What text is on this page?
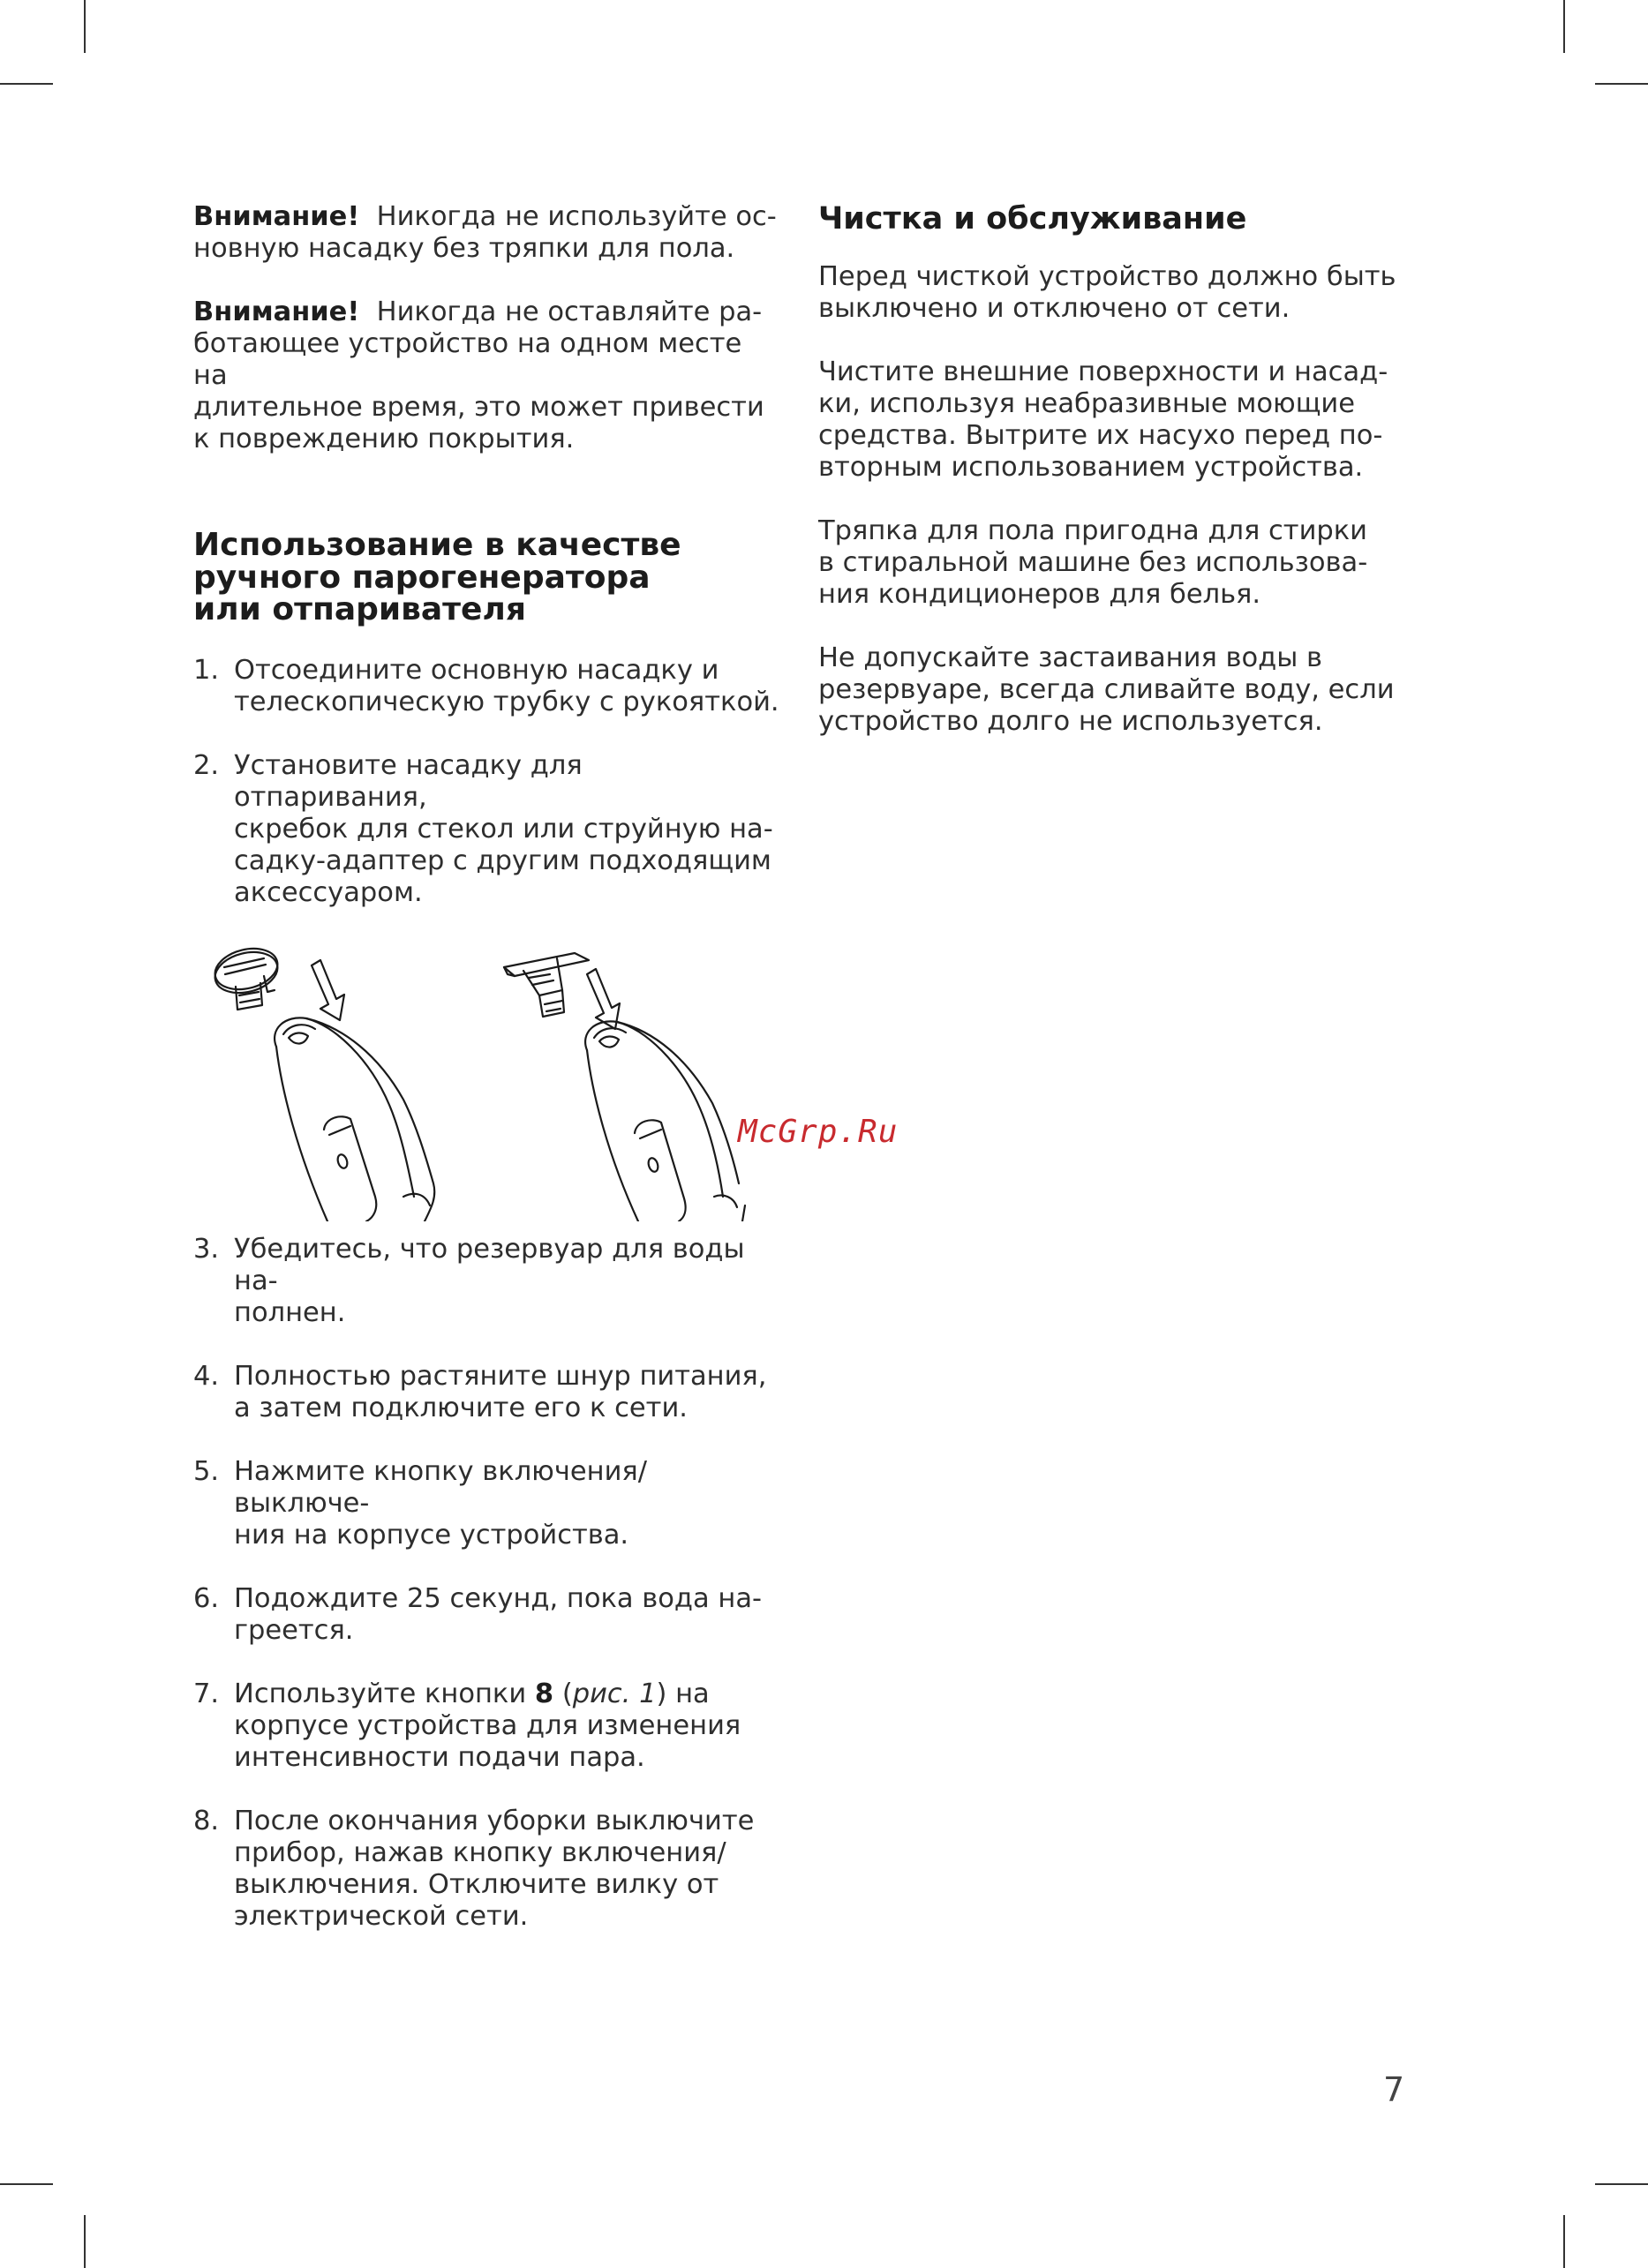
Внимание! Никогда не используйте ос-
новную насадку без тряпки для пола.

Внимание! Никогда не оставляйте ра-
ботающее устройство на одном месте на
длительное время, это может привести
к повреждению покрытия.

Использование в качестве
ручного парогенератора
или отпаривателя
1. Отсоедините основную насадку и
телескопическую трубку с рукояткой.
2. Установите насадку для отпаривания,
скребок для стекол или струйную на-
садку-адаптер с другим подходящим
аксессуаром.
3. Убедитесь, что резервуар для воды на-
полнен.
4. Полностью растяните шнур питания,
а затем подключите его к сети.
5. Нажмите кнопку включения/выключе-
ния на корпусе устройства.
6. Подождите 25 секунд, пока вода на-
греется.
7. Используйте кнопки 8 (рис. 1) на
корпусе устройства для изменения
интенсивности подачи пара.
8. После окончания уборки выключите
прибор, нажав кнопку включения/
выключения. Отключите вилку от
электрической сети.
Чистка и обслуживание

Перед чисткой устройство должно быть
выключено и отключено от сети.

Чистите внешние поверхности и насад-
ки, используя неабразивные моющие
средства. Вытрите их насухо перед по-
вторным использованием устройства.

Тряпка для пола пригодна для стирки
в стиральной машине без использова-
ния кондиционеров для белья.

Не допускайте застаивания воды в
резервуаре, всегда сливайте воду, если
устройство долго не используется.

McGrp.Ru
7
